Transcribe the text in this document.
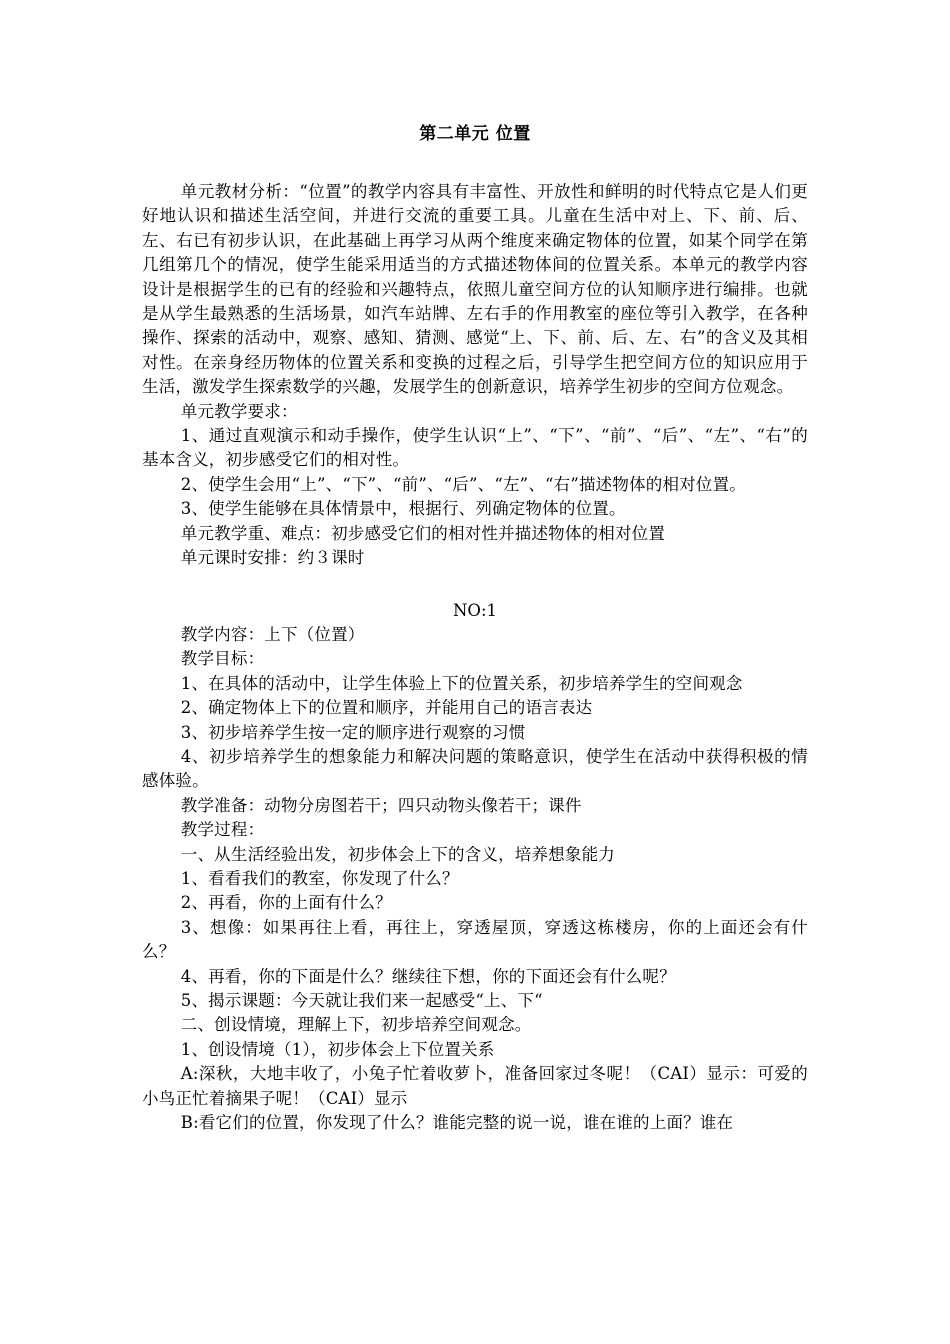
第二单元 位置

单元教材分析：“位置”的教学内容具有丰富性、开放性和鲜明的时代特点它是人们更好地认识和描述生活空间，并进行交流的重要工具。儿童在生活中对上、下、前、后、左、右已有初步认识，在此基础上再学习从两个维度来确定物体的位置，如某个同学在第几组第几个的情况，使学生能采用适当的方式描述物体间的位置关系。本单元的教学内容设计是根据学生的已有的经验和兴趣特点，依照儿童空间方位的认知顺序进行编排。也就是从学生最熟悉的生活场景，如汽车站牌、左右手的作用教室的座位等引入教学，在各种操作、探索的活动中，观察、感知、猜测、感觉“上、下、前、后、左、右”的含义及其相对性。在亲身经历物体的位置关系和变换的过程之后，引导学生把空间方位的知识应用于生活，激发学生探索数学的兴趣，发展学生的创新意识，培养学生初步的空间方位观念。

单元教学要求：

1、通过直观演示和动手操作，使学生认识“上”、“下”、“前”、“后”、“左”、“右”的基本含义，初步感受它们的相对性。

2、使学生会用“上”、“下”、“前”、“后”、“左”、“右”描述物体的相对位置。

3、使学生能够在具体情景中，根据行、列确定物体的位置。

单元教学重、难点：初步感受它们的相对性并描述物体的相对位置

单元课时安排：约３课时

NO:1

教学内容：上下（位置）

教学目标：

1、在具体的活动中，让学生体验上下的位置关系，初步培养学生的空间观念

2、确定物体上下的位置和顺序，并能用自己的语言表达

3、初步培养学生按一定的顺序进行观察的习惯

4、初步培养学生的想象能力和解决问题的策略意识，使学生在活动中获得积极的情感体验。

教学准备：动物分房图若干；四只动物头像若干；课件

教学过程：

一、从生活经验出发，初步体会上下的含义，培养想象能力

1、看看我们的教室，你发现了什么？

2、再看，你的上面有什么？

3、想像：如果再往上看，再往上，穿透屋顶，穿透这栋楼房，你的上面还会有什么？

4、再看，你的下面是什么？继续往下想，你的下面还会有什么呢？

5、揭示课题：今天就让我们来一起感受“上、下“

二、创设情境，理解上下，初步培养空间观念。

1、创设情境（1），初步体会上下位置关系

A:深秋，大地丰收了，小兔子忙着收萝卜，准备回家过冬呢！（CAI）显示：可爱的小鸟正忙着摘果子呢！（CAI）显示

B:看它们的位置，你发现了什么？谁能完整的说一说，谁在谁的上面？谁在
